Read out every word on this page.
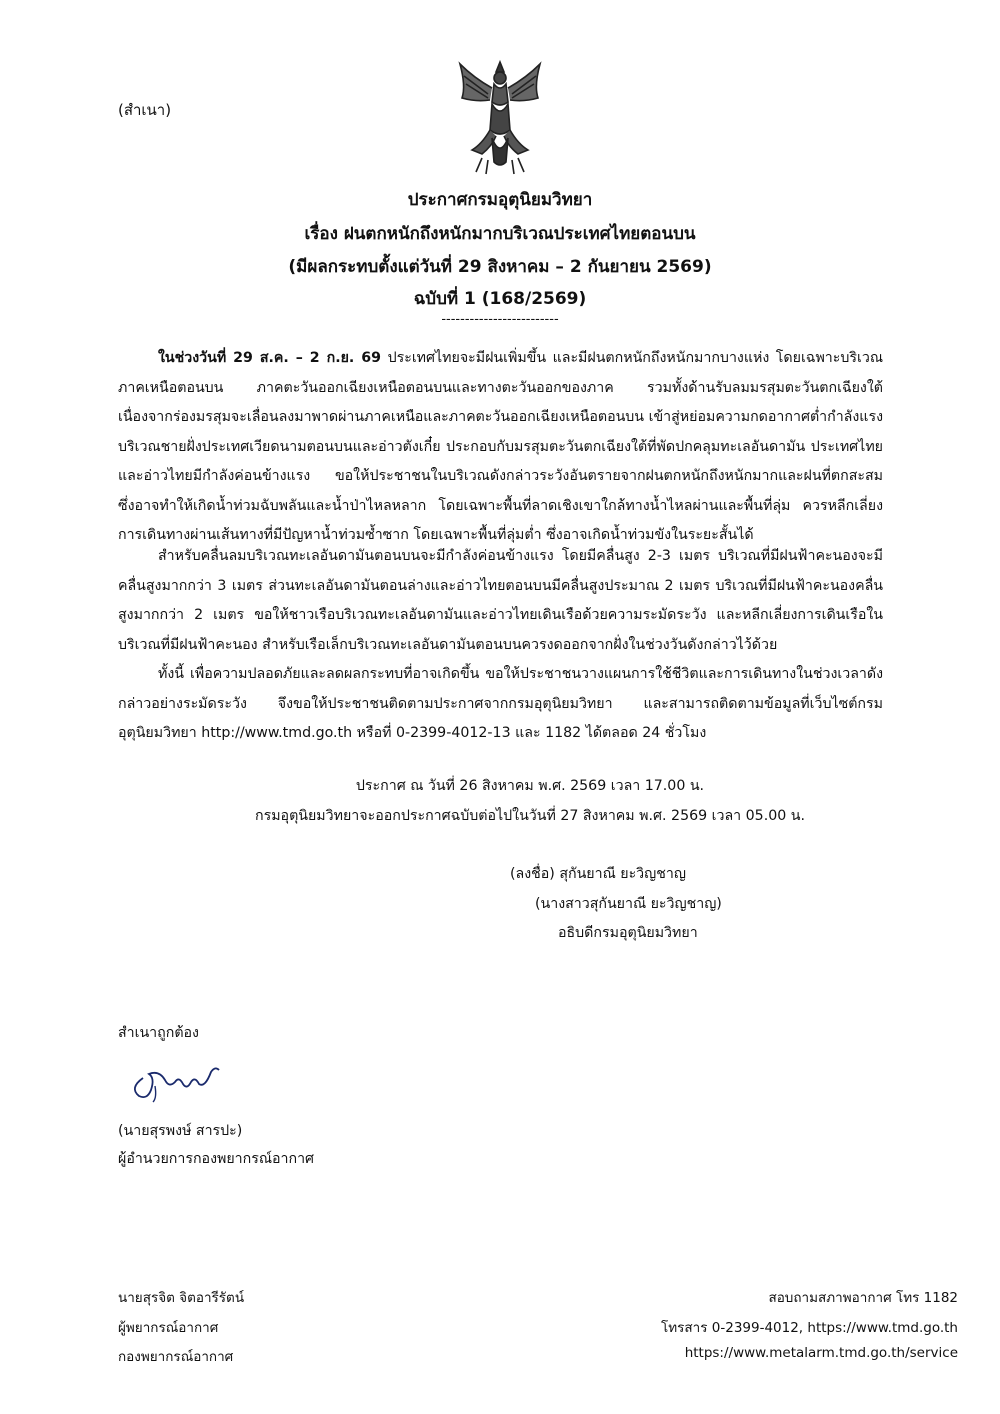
(สำเนา)
ประกาศกรมอุตุนิยมวิทยา
เรื่อง ฝนตกหนักถึงหนักมากบริเวณประเทศไทยตอนบน
(มีผลกระทบตั้งแต่วันที่ 29 สิงหาคม – 2 กันยายน 2569)
ฉบับที่ 1 (168/2569)
-------------------------
ในช่วงวันที่ 29 ส.ค. – 2 ก.ย. 69 ประเทศไทยจะมีฝนเพิ่มขึ้น และมีฝนตกหนักถึงหนักมากบางแห่ง โดยเฉพาะบริเวณภาคเหนือตอนบน ภาคตะวันออกเฉียงเหนือตอนบนและทางตะวันออกของภาค รวมทั้งด้านรับลมมรสุมตะวันตกเฉียงใต้ เนื่องจากร่องมรสุมจะเลื่อนลงมาพาดผ่านภาคเหนือและภาคตะวันออกเฉียงเหนือตอนบน เข้าสู่หย่อมความกดอากาศต่ำกำลังแรงบริเวณชายฝั่งประเทศเวียดนามตอนบนและอ่าวตังเกี๋ย ประกอบกับมรสุมตะวันตกเฉียงใต้ที่พัดปกคลุมทะเลอันดามัน ประเทศไทย และอ่าวไทยมีกำลังค่อนข้างแรง ขอให้ประชาชนในบริเวณดังกล่าวระวังอันตรายจากฝนตกหนักถึงหนักมากและฝนที่ตกสะสม ซึ่งอาจทำให้เกิดน้ำท่วมฉับพลันและน้ำป่าไหลหลาก โดยเฉพาะพื้นที่ลาดเชิงเขาใกล้ทางน้ำไหลผ่านและพื้นที่ลุ่ม ควรหลีกเลี่ยงการเดินทางผ่านเส้นทางที่มีปัญหาน้ำท่วมซ้ำซาก โดยเฉพาะพื้นที่ลุ่มต่ำ ซึ่งอาจเกิดน้ำท่วมขังในระยะสั้นได้
สำหรับคลื่นลมบริเวณทะเลอันดามันตอนบนจะมีกำลังค่อนข้างแรง โดยมีคลื่นสูง 2-3 เมตร บริเวณที่มีฝนฟ้าคะนองจะมีคลื่นสูงมากกว่า 3 เมตร ส่วนทะเลอันดามันตอนล่างและอ่าวไทยตอนบนมีคลื่นสูงประมาณ 2 เมตร บริเวณที่มีฝนฟ้าคะนองคลื่นสูงมากกว่า 2 เมตร ขอให้ชาวเรือบริเวณทะเลอันดามันและอ่าวไทยเดินเรือด้วยความระมัดระวัง และหลีกเลี่ยงการเดินเรือในบริเวณที่มีฝนฟ้าคะนอง สำหรับเรือเล็กบริเวณทะเลอันดามันตอนบนควรงดออกจากฝั่งในช่วงวันดังกล่าวไว้ด้วย
ทั้งนี้ เพื่อความปลอดภัยและลดผลกระทบที่อาจเกิดขึ้น ขอให้ประชาชนวางแผนการใช้ชีวิตและการเดินทางในช่วงเวลาดังกล่าวอย่างระมัดระวัง จึงขอให้ประชาชนติดตามประกาศจากกรมอุตุนิยมวิทยา และสามารถติดตามข้อมูลที่เว็บไซต์กรมอุตุนิยมวิทยา http://www.tmd.go.th หรือที่ 0-2399-4012-13 และ 1182 ได้ตลอด 24 ชั่วโมง
ประกาศ ณ วันที่ 26 สิงหาคม พ.ศ. 2569 เวลา 17.00 น.
กรมอุตุนิยมวิทยาจะออกประกาศฉบับต่อไปในวันที่ 27 สิงหาคม พ.ศ. 2569 เวลา 05.00 น.
(ลงชื่อ) สุกันยาณี ยะวิญชาญ
(นางสาวสุกันยาณี ยะวิญชาญ)
อธิบดีกรมอุตุนิยมวิทยา
สำเนาถูกต้อง
(นายสุรพงษ์ สารปะ)
ผู้อำนวยการกองพยากรณ์อากาศ
นายสุรจิต จิตอารีรัตน์
ผู้พยากรณ์อากาศ
กองพยากรณ์อากาศ
สอบถามสภาพอากาศ โทร 1182
โทรสาร 0-2399-4012, https://www.tmd.go.th
https://www.metalarm.tmd.go.th/service
